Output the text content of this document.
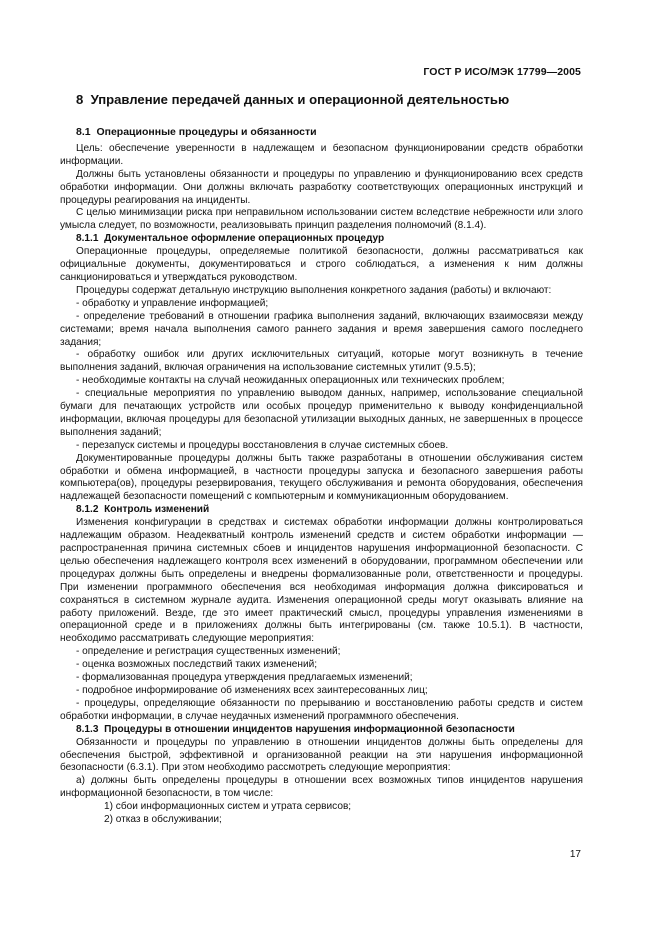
ГОСТ Р ИСО/МЭК 17799—2005
8 Управление передачей данных и операционной деятельностью
8.1 Операционные процедуры и обязанности

Цель: обеспечение уверенности в надлежащем и безопасном функционировании средств обработки информации.

Должны быть установлены обязанности и процедуры по управлению и функционированию всех средств обработки информации. Они должны включать разработку соответствующих операционных инструкций и процедуры реагирования на инциденты.

С целью минимизации риска при неправильном использовании систем вследствие небрежности или злого умысла следует, по возможности, реализовывать принцип разделения полномочий (8.1.4).

8.1.1 Документальное оформление операционных процедур

Операционные процедуры, определяемые политикой безопасности, должны рассматриваться как официальные документы, документироваться и строго соблюдаться, а изменения к ним должны санкционироваться и утверждаться руководством.

Процедуры содержат детальную инструкцию выполнения конкретного задания (работы) и включают:

- обработку и управление информацией;

- определение требований в отношении графика выполнения заданий, включающих взаимосвязи между системами; время начала выполнения самого раннего задания и время завершения самого последнего задания;

- обработку ошибок или других исключительных ситуаций, которые могут возникнуть в течение выполнения заданий, включая ограничения на использование системных утилит (9.5.5);

- необходимые контакты на случай неожиданных операционных или технических проблем;

- специальные мероприятия по управлению выводом данных, например, использование специальной бумаги для печатающих устройств или особых процедур применительно к выводу конфиденциальной информации, включая процедуры для безопасной утилизации выходных данных, не завершенных в процессе выполнения заданий;

- перезапуск системы и процедуры восстановления в случае системных сбоев.

Документированные процедуры должны быть также разработаны в отношении обслуживания систем обработки и обмена информацией, в частности процедуры запуска и безопасного завершения работы компьютера(ов), процедуры резервирования, текущего обслуживания и ремонта оборудования, обеспечения надлежащей безопасности помещений с компьютерным и коммуникационным оборудованием.

8.1.2 Контроль изменений

Изменения конфигурации в средствах и системах обработки информации должны контролироваться надлежащим образом. Неадекватный контроль изменений средств и систем обработки информации — распространенная причина системных сбоев и инцидентов нарушения информационной безопасности. С целью обеспечения надлежащего контроля всех изменений в оборудовании, программном обеспечении или процедурах должны быть определены и внедрены формализованные роли, ответственности и процедуры. При изменении программного обеспечения вся необходимая информация должна фиксироваться и сохраняться в системном журнале аудита. Изменения операционной среды могут оказывать влияние на работу приложений. Везде, где это имеет практический смысл, процедуры управления изменениями в операционной среде и в приложениях должны быть интегрированы (см. также 10.5.1). В частности, необходимо рассматривать следующие мероприятия:

- определение и регистрация существенных изменений;

- оценка возможных последствий таких изменений;

- формализованная процедура утверждения предлагаемых изменений;

- подробное информирование об изменениях всех заинтересованных лиц;

- процедуры, определяющие обязанности по прерыванию и восстановлению работы средств и систем обработки информации, в случае неудачных изменений программного обеспечения.

8.1.3 Процедуры в отношении инцидентов нарушения информационной безопасности

Обязанности и процедуры по управлению в отношении инцидентов должны быть определены для обеспечения быстрой, эффективной и организованной реакции на эти нарушения информационной безопасности (6.3.1). При этом необходимо рассмотреть следующие мероприятия:

а) должны быть определены процедуры в отношении всех возможных типов инцидентов нарушения информационной безопасности, в том числе:

1) сбои информационных систем и утрата сервисов;

2) отказ в обслуживании;

17
